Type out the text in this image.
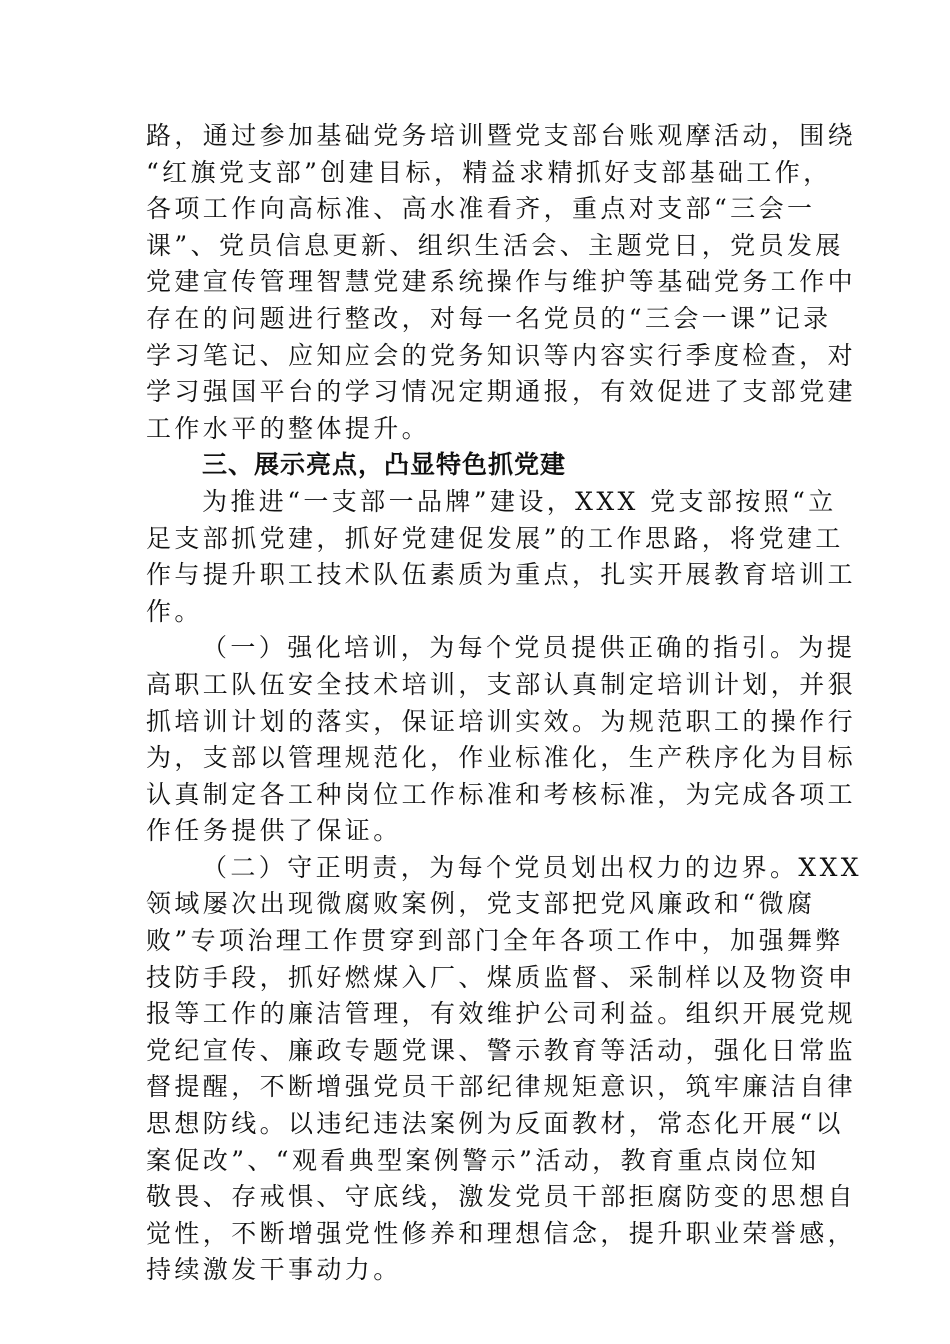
路，通过参加基础党务培训暨党支部台账观摩活动，围绕
“红旗党支部”创建目标，精益求精抓好支部基础工作，
各项工作向高标准、高水准看齐，重点对支部“三会一
课”、党员信息更新、组织生活会、主题党日，党员发展
党建宣传管理智慧党建系统操作与维护等基础党务工作中
存在的问题进行整改，对每一名党员的“三会一课”记录
学习笔记、应知应会的党务知识等内容实行季度检查，对
学习强国平台的学习情况定期通报，有效促进了支部党建
工作水平的整体提升。
三、展示亮点，凸显特色抓党建
为推进“一支部一品牌”建设，XXX 党支部按照“立
足支部抓党建，抓好党建促发展”的工作思路，将党建工
作与提升职工技术队伍素质为重点，扎实开展教育培训工
作。
（一）强化培训，为每个党员提供正确的指引。为提
高职工队伍安全技术培训，支部认真制定培训计划，并狠
抓培训计划的落实，保证培训实效。为规范职工的操作行
为，支部以管理规范化，作业标准化，生产秩序化为目标
认真制定各工种岗位工作标准和考核标准，为完成各项工
作任务提供了保证。
（二）守正明责，为每个党员划出权力的边界。XXX
领域屡次出现微腐败案例，党支部把党风廉政和“微腐
败”专项治理工作贯穿到部门全年各项工作中，加强舞弊
技防手段，抓好燃煤入厂、煤质监督、采制样以及物资申
报等工作的廉洁管理，有效维护公司利益。组织开展党规
党纪宣传、廉政专题党课、警示教育等活动，强化日常监
督提醒，不断增强党员干部纪律规矩意识，筑牢廉洁自律
思想防线。以违纪违法案例为反面教材，常态化开展“以
案促改”、“观看典型案例警示”活动，教育重点岗位知
敬畏、存戒惧、守底线，激发党员干部拒腐防变的思想自
觉性，不断增强党性修养和理想信念，提升职业荣誉感，
持续激发干事动力。
